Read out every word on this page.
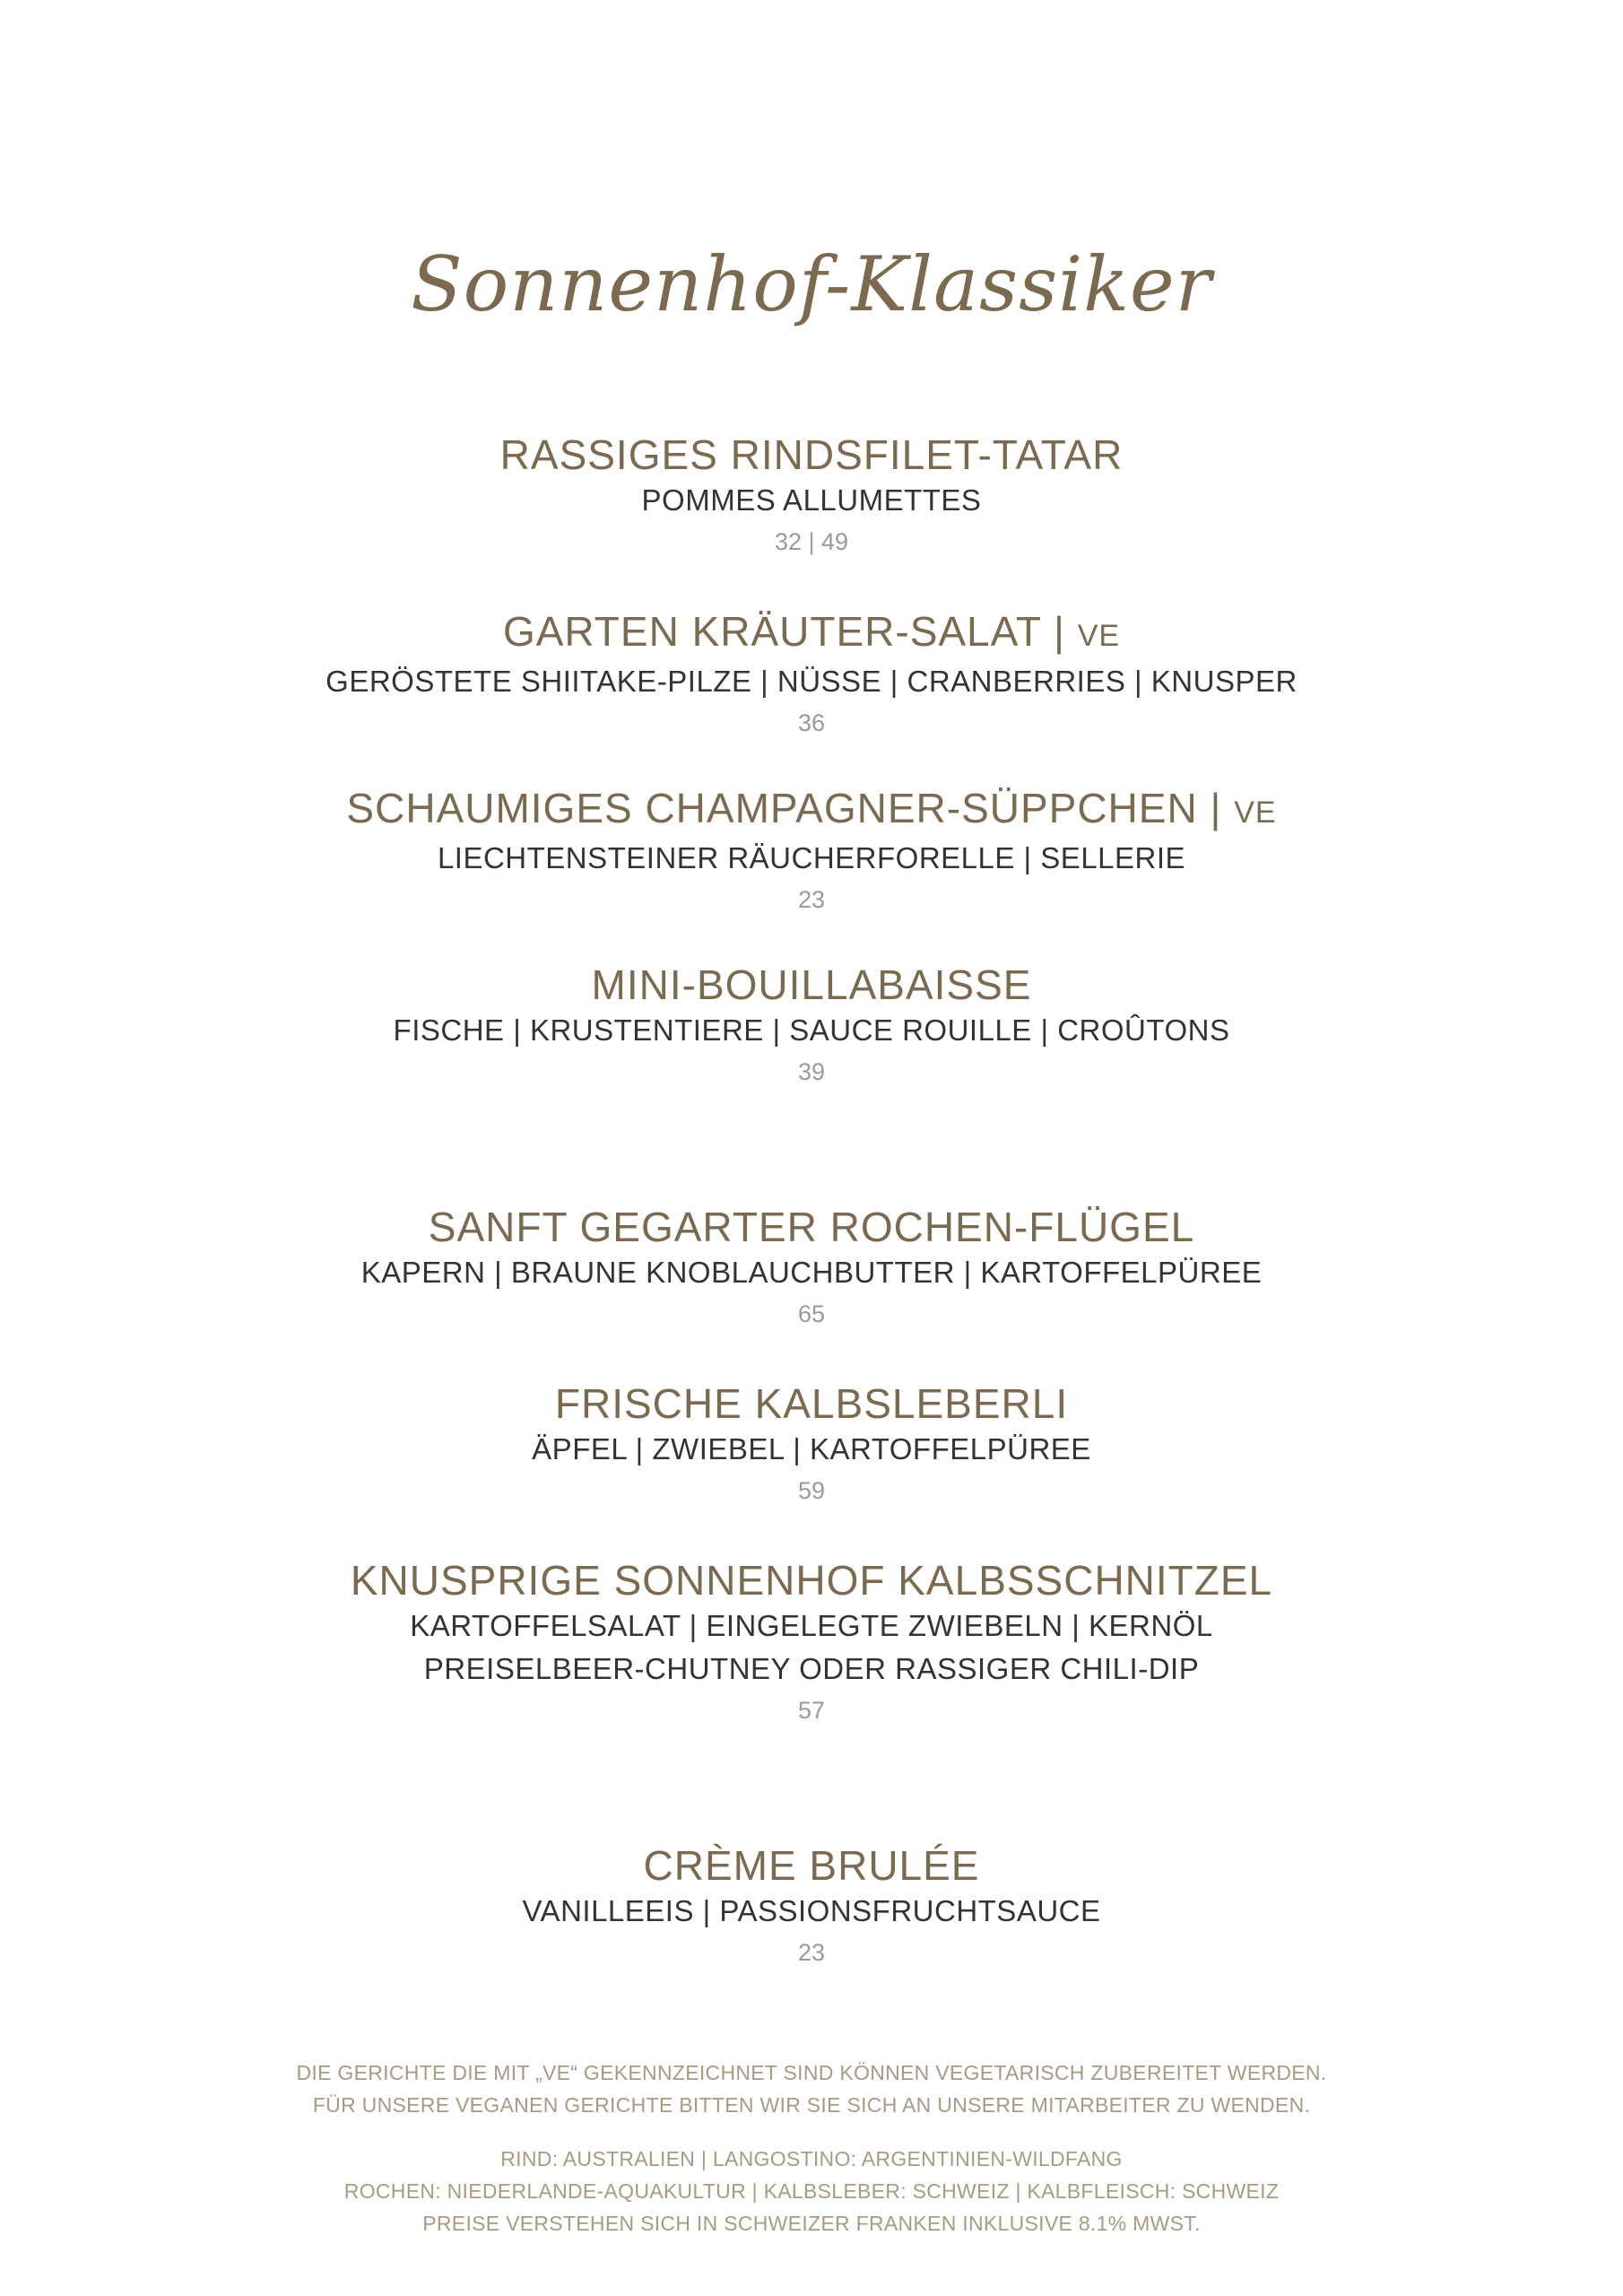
Sonnenhof-Klassiker
RASSIGES RINDSFILET-TATAR
POMMES ALLUMETTES
32 | 49
GARTEN KRÄUTER-SALAT | VE
GERÖSTETE SHIITAKE-PILZE | NÜSSE | CRANBERRIES | KNUSPER
36
SCHAUMIGES CHAMPAGNER-SÜPPCHEN | VE
LIECHTENSTEINER RÄUCHERFORELLE | SELLERIE
23
MINI-BOUILLABAISSE
FISCHE | KRUSTENTIERE | SAUCE ROUILLE | CROÛTONS
39
SANFT GEGARTER ROCHEN-FLÜGEL
KAPERN | BRAUNE KNOBLAUCHBUTTER | KARTOFFELPÜREE
65
FRISCHE KALBSLEBERLI
ÄPFEL | ZWIEBEL | KARTOFFELPÜREE
59
KNUSPRIGE SONNENHOF KALBSSCHNITZEL
KARTOFFELSALAT | EINGELEGTE ZWIEBELN | KERNÖL
PREISELBEER-CHUTNEY ODER RASSIGER CHILI-DIP
57
CRÈME BRULÉE
VANILLEEIS | PASSIONSFRUCHTSAUCE
23
DIE GERICHTE DIE MIT „VE“ GEKENNZEICHNET SIND KÖNNEN VEGETARISCH ZUBEREITET WERDEN.
FÜR UNSERE VEGANEN GERICHTE BITTEN WIR SIE SICH AN UNSERE MITARBEITER ZU WENDEN.
RIND: AUSTRALIEN | LANGOSTINO: ARGENTINIEN-WILDFANG
ROCHEN: NIEDERLANDE-AQUAKULTUR | KALBSLEBER: SCHWEIZ | KALBFLEISCH: SCHWEIZ
PREISE VERSTEHEN SICH IN SCHWEIZER FRANKEN INKLUSIVE 8.1% MWST.
